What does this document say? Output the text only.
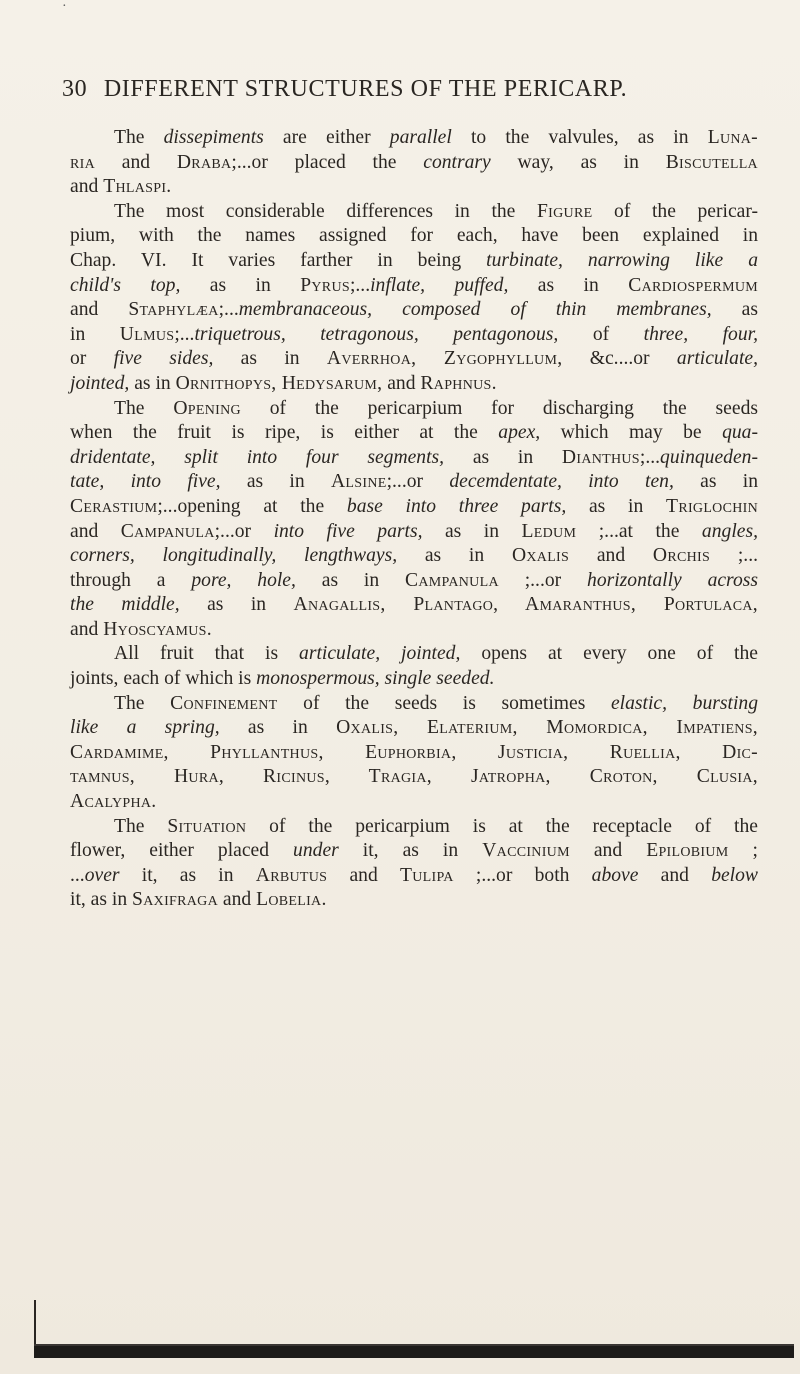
·
30 DIFFERENT STRUCTURES OF THE PERICARP.
The dissepiments are either parallel to the valvules, as in Luna-
ria and Draba;...or placed the contrary way, as in Biscutella
and Thlaspi.
The most considerable differences in the Figure of the pericar-
pium, with the names assigned for each, have been explained in
Chap. VI. It varies farther in being turbinate, narrowing like a
child's top, as in Pyrus;...inflate, puffed, as in Cardiospermum
and Staphylæa;...membranaceous, composed of thin membranes, as
in Ulmus;...triquetrous, tetragonous, pentagonous, of three, four,
or five sides, as in Averrhoa, Zygophyllum, &c....or articulate,
jointed, as in Ornithopys, Hedysarum, and Raphnus.
The Opening of the pericarpium for discharging the seeds
when the fruit is ripe, is either at the apex, which may be qua-
dridentate, split into four segments, as in Dianthus;...quinqueden-
tate, into five, as in Alsine;...or decemdentate, into ten, as in
Cerastium;...opening at the base into three parts, as in Triglochin
and Campanula;...or into five parts, as in Ledum ;...at the angles,
corners, longitudinally, lengthways, as in Oxalis and Orchis ;...
through a pore, hole, as in Campanula ;...or horizontally across
the middle, as in Anagallis, Plantago, Amaranthus, Portulaca,
and Hyoscyamus.
All fruit that is articulate, jointed, opens at every one of the
joints, each of which is monospermous, single seeded.
The Confinement of the seeds is sometimes elastic, bursting
like a spring, as in Oxalis, Elaterium, Momordica, Impatiens,
Cardamime, Phyllanthus, Euphorbia, Justicia, Ruellia, Dic-
tamnus, Hura, Ricinus, Tragia, Jatropha, Croton, Clusia,
Acalypha.
The Situation of the pericarpium is at the receptacle of the
flower, either placed under it, as in Vaccinium and Epilobium ;
...over it, as in Arbutus and Tulipa ;...or both above and below
it, as in Saxifraga and Lobelia.
